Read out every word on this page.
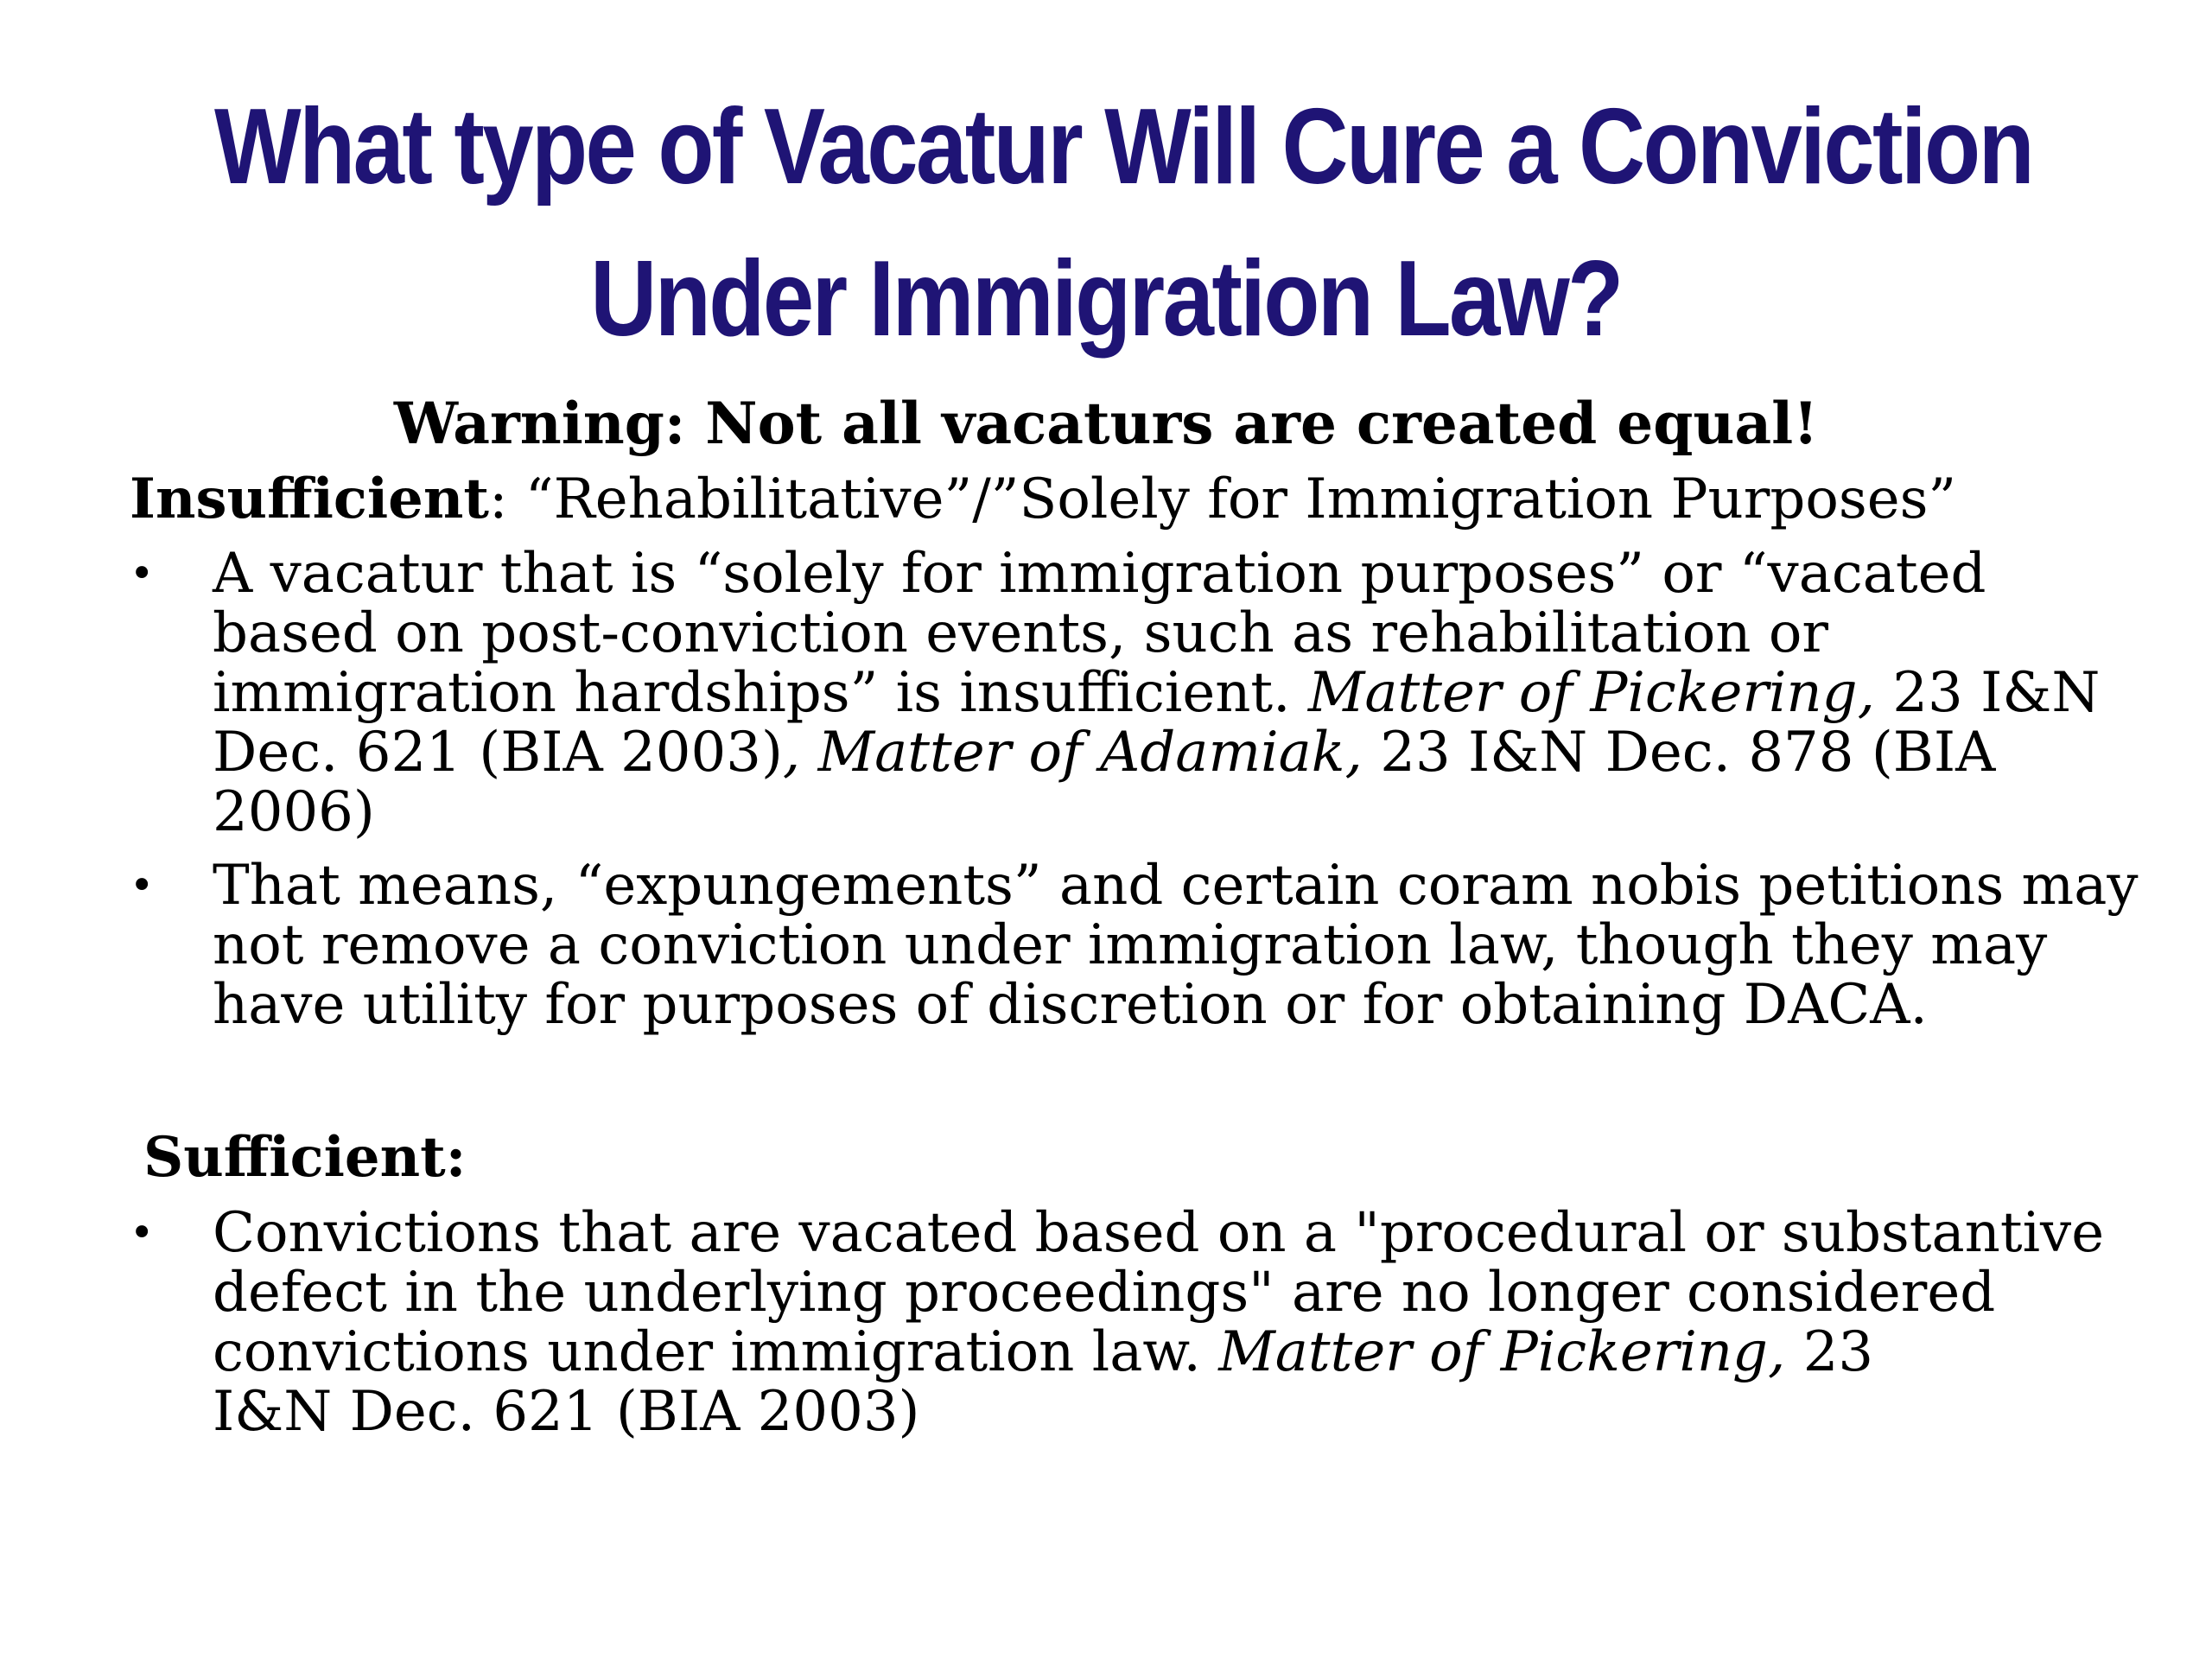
What type of Vacatur Will Cure a Conviction
Under Immigration Law?
Warning: Not all vacaturs are created equal!
Insufficient: “Rehabilitative”/”Solely for Immigration Purposes”
• A vacatur that is “solely for immigration purposes” or “vacated
based on post-conviction events, such as rehabilitation or
immigration hardships” is insufficient. Matter of Pickering, 23 I&N
Dec. 621 (BIA 2003), Matter of Adamiak, 23 I&N Dec. 878 (BIA
2006)
• That means, “expungements” and certain coram nobis petitions may
not remove a conviction under immigration law, though they may
have utility for purposes of discretion or for obtaining DACA.
Sufficient:
• Convictions that are vacated based on a "procedural or substantive
defect in the underlying proceedings" are no longer considered
convictions under immigration law. Matter of Pickering, 23
I&N Dec. 621 (BIA 2003)
